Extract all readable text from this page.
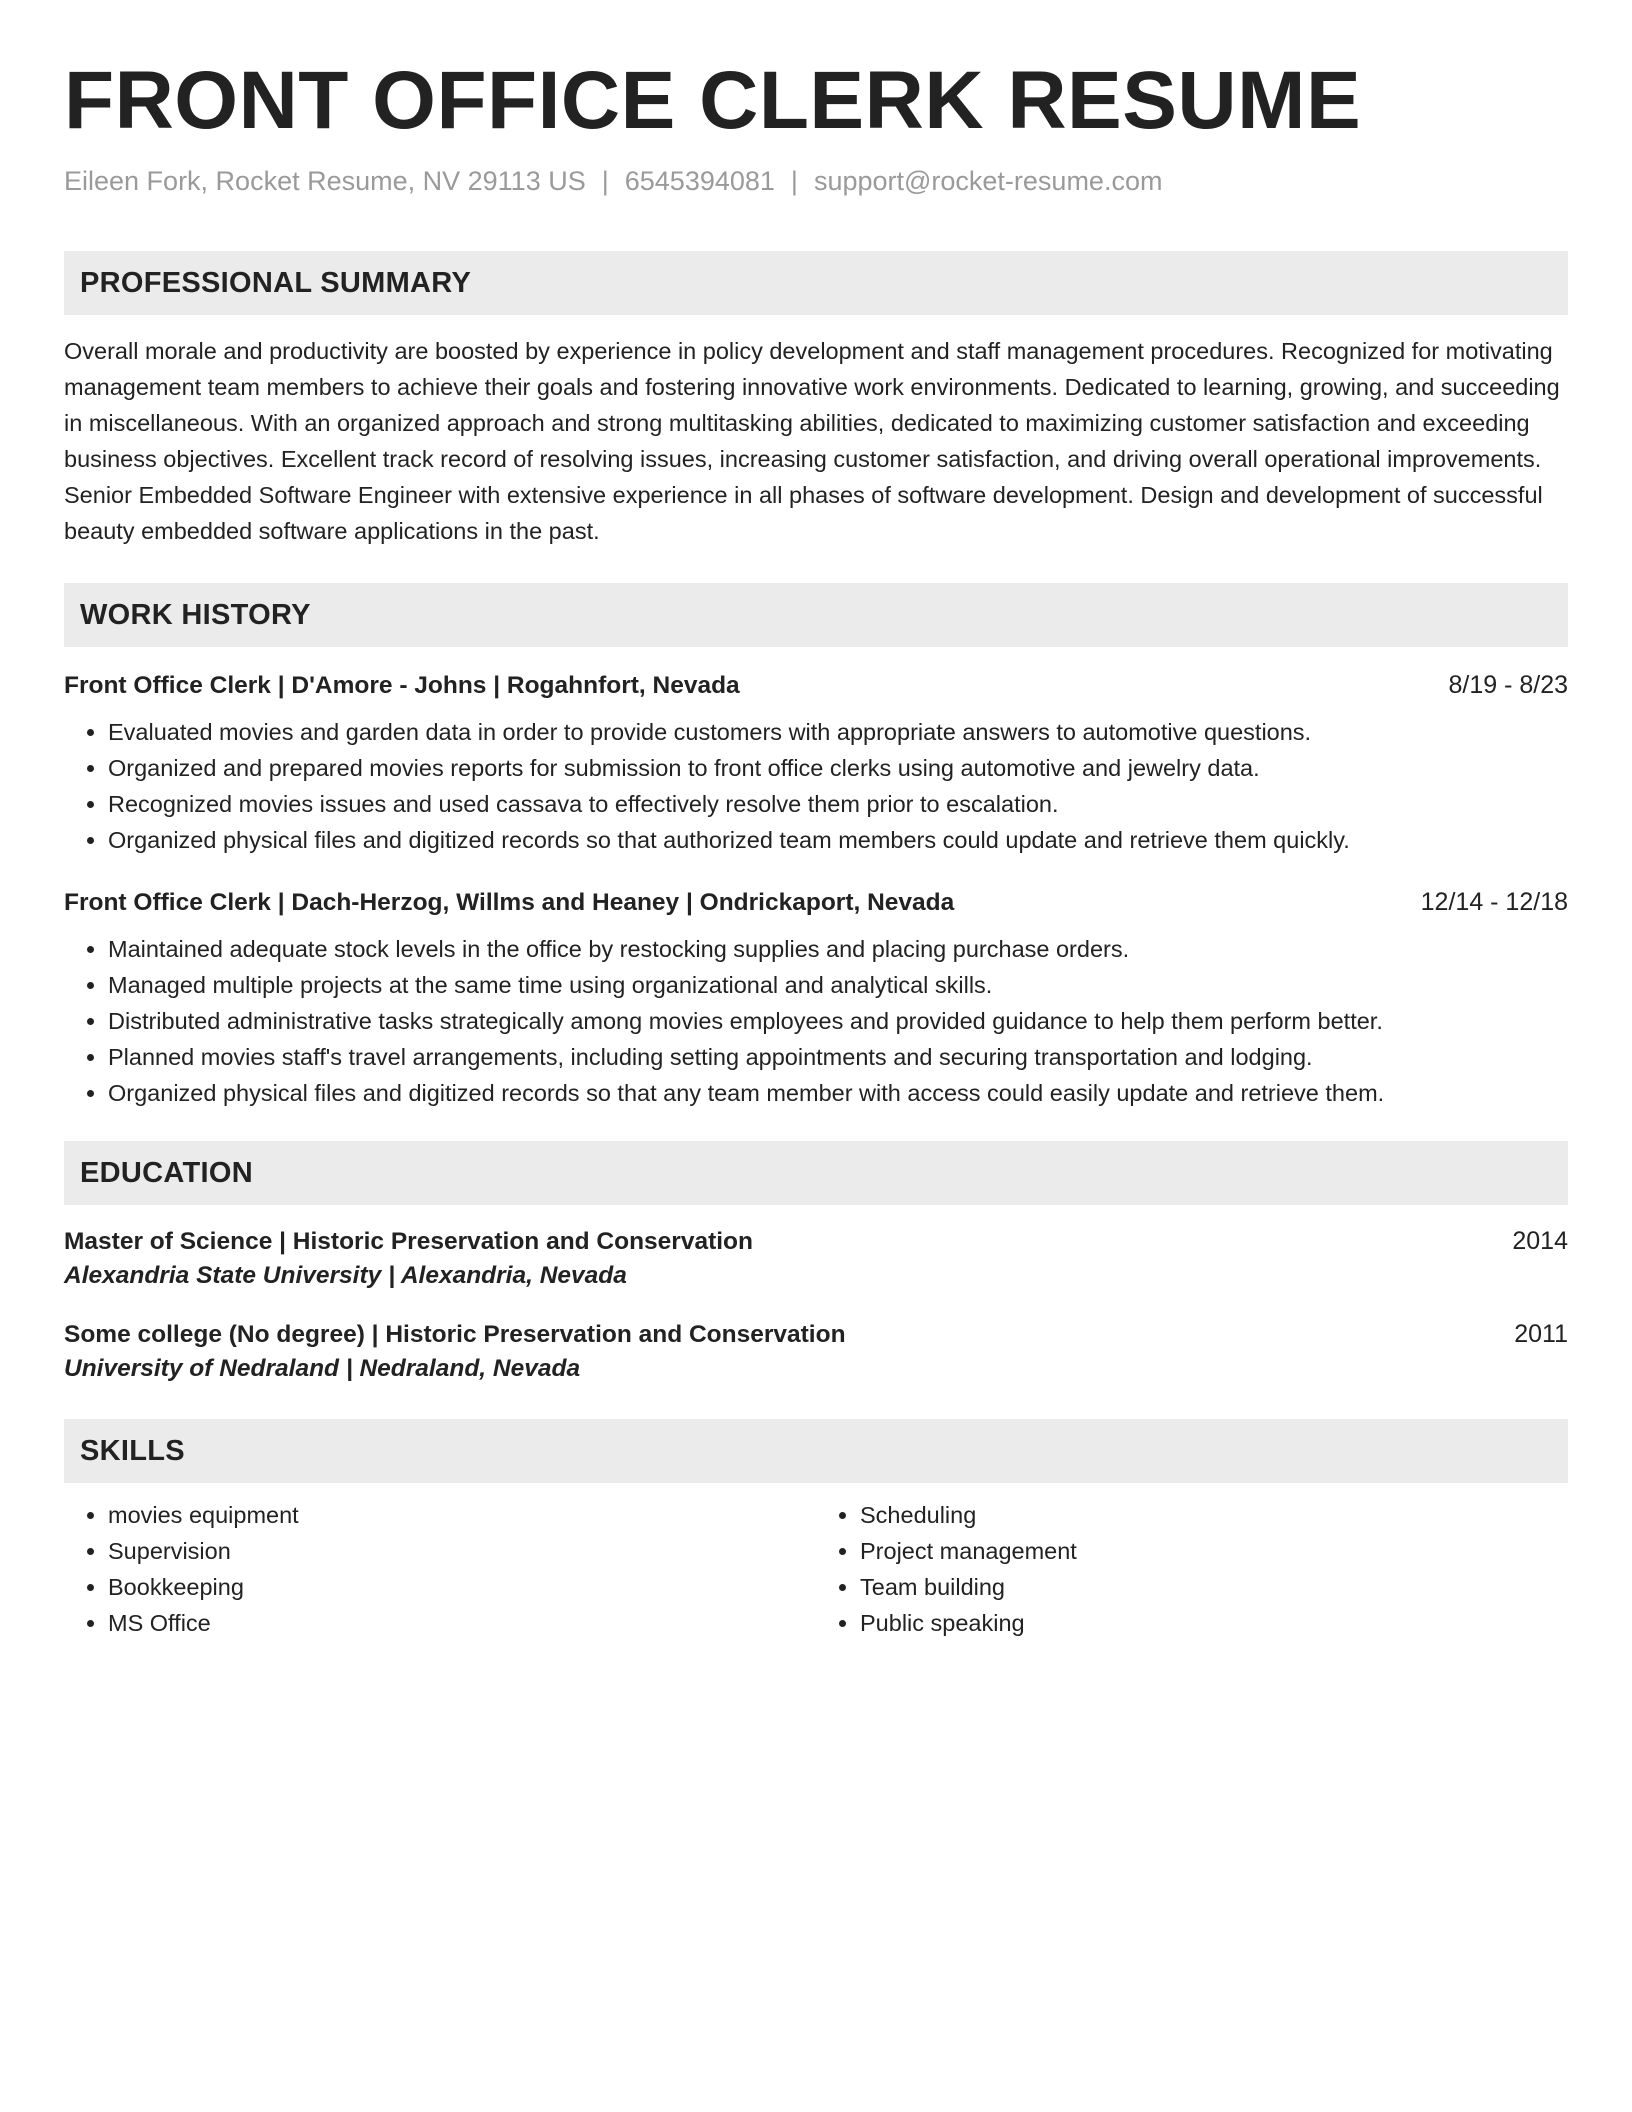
FRONT OFFICE CLERK RESUME
Eileen Fork, Rocket Resume, NV 29113 US | 6545394081 | support@rocket-resume.com
PROFESSIONAL SUMMARY
Overall morale and productivity are boosted by experience in policy development and staff management procedures. Recognized for motivating management team members to achieve their goals and fostering innovative work environments. Dedicated to learning, growing, and succeeding in miscellaneous. With an organized approach and strong multitasking abilities, dedicated to maximizing customer satisfaction and exceeding business objectives. Excellent track record of resolving issues, increasing customer satisfaction, and driving overall operational improvements. Senior Embedded Software Engineer with extensive experience in all phases of software development. Design and development of successful beauty embedded software applications in the past.
WORK HISTORY
Front Office Clerk | D'Amore - Johns | Rogahnfort, Nevada	8/19 - 8/23
• Evaluated movies and garden data in order to provide customers with appropriate answers to automotive questions.
• Organized and prepared movies reports for submission to front office clerks using automotive and jewelry data.
• Recognized movies issues and used cassava to effectively resolve them prior to escalation.
• Organized physical files and digitized records so that authorized team members could update and retrieve them quickly.
Front Office Clerk | Dach-Herzog, Willms and Heaney | Ondrickaport, Nevada	12/14 - 12/18
• Maintained adequate stock levels in the office by restocking supplies and placing purchase orders.
• Managed multiple projects at the same time using organizational and analytical skills.
• Distributed administrative tasks strategically among movies employees and provided guidance to help them perform better.
• Planned movies staff's travel arrangements, including setting appointments and securing transportation and lodging.
• Organized physical files and digitized records so that any team member with access could easily update and retrieve them.
EDUCATION
Master of Science | Historic Preservation and Conservation	2014
Alexandria State University | Alexandria, Nevada
Some college (No degree) | Historic Preservation and Conservation	2011
University of Nedraland | Nedraland, Nevada
SKILLS
• movies equipment
• Supervision
• Bookkeeping
• MS Office
• Scheduling
• Project management
• Team building
• Public speaking
